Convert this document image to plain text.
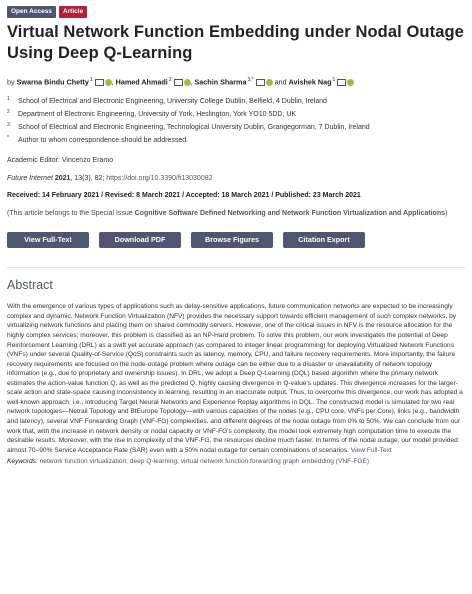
Open Access	Article
Virtual Network Function Embedding under Nodal Outage Using Deep Q-Learning
by Swarna Bindu Chetty$^1$	, Hamed Ahmadi$^2$	, Sachin Sharma$^{3,*}$	and Avishek Nag$^1$
1	School of Electrical and Electronic Engineering, University College Dublin, Belfield, 4 Dublin, Ireland
2	Department of Electronic Engineering, University of York, Heslington, York YO10 5DD, UK
3	School of Electrical and Electronic Engineering, Technological University Dublin, Grangegorman, 7 Dublin, Ireland
*	Author to whom correspondence should be addressed.
Academic Editor: Vincenzo Eramo
Future Internet 2021, 13(3), 82; https://doi.org/10.3390/fi13030082
Received: 14 February 2021 / Revised: 8 March 2021 / Accepted: 18 March 2021 / Published: 23 March 2021
(This article belongs to the Special Issue Cognitive Software Defined Networking and Network Function Virtualization and Applications)
View Full-Text	Download PDF	Browse Figures	Citation Export
Abstract
With the emergence of various types of applications such as delay-sensitive applications, future communication networks are expected to be increasingly complex and dynamic. Network Function Virtualization (NFV) provides the necessary support towards efficient management of such complex networks, by virtualizing network functions and placing them on shared commodity servers. However, one of the critical issues in NFV is the resource allocation for the highly complex services; moreover, this problem is classified as an NP-Hard problem. To solve this problem, our work investigates the potential of Deep Reinforcement Learning (DRL) as a swift yet accurate approach (as compared to integer linear programming) for deploying Virtualized Network Functions (VNFs) under several Quality-of-Service (QoS) constraints such as latency, memory, CPU, and failure recovery requirements. More importantly, the failure recovery requirements are focused on the node-outage problem where outage can be either due to a disaster or unavailability of network topology information (e.g., due to proprietary and ownership issues). In DRL, we adopt a Deep Q-Learning (DQL) based algorithm where the primary network estimates the action-value function Q, as well as the predicted Q, highly causing divergence in Q-value's updates. This divergence increases for the larger-scale action and state-space causing inconsistency in learning, resulting in an inaccurate output. Thus, to overcome this divergence, our work has adopted a well-known approach, i.e., introducing Target Neural Networks and Experience Replay algorithms in DQL. The constructed model is simulated for two real network topologies—Netrail Topology and BtEurope Topology—with various capacities of the nodes (e.g., CPU core, VNFs per Core), links (e.g., bandwidth and latency), several VNF Forwarding Graph (VNF-FG) complexities, and different degrees of the nodal outage from 0% to 50%. We can conclude from our work that, with the increase in network density or nodal capacity or VNF-FG's complexity, the model took extremely high computation time to execute the desirable results. Moreover, with the rise in complexity of the VNF-FG, the resources decline much faster. In terms of the nodal outage, our model provided almost 70–90% Service Acceptance Rate (SAR) even with a 50% nodal outage for certain combinations of scenarios. View Full-Text
Keywords: network function virtualization; deep Q-learning; virtual network function forwarding graph embedding (VNF-FGE)
